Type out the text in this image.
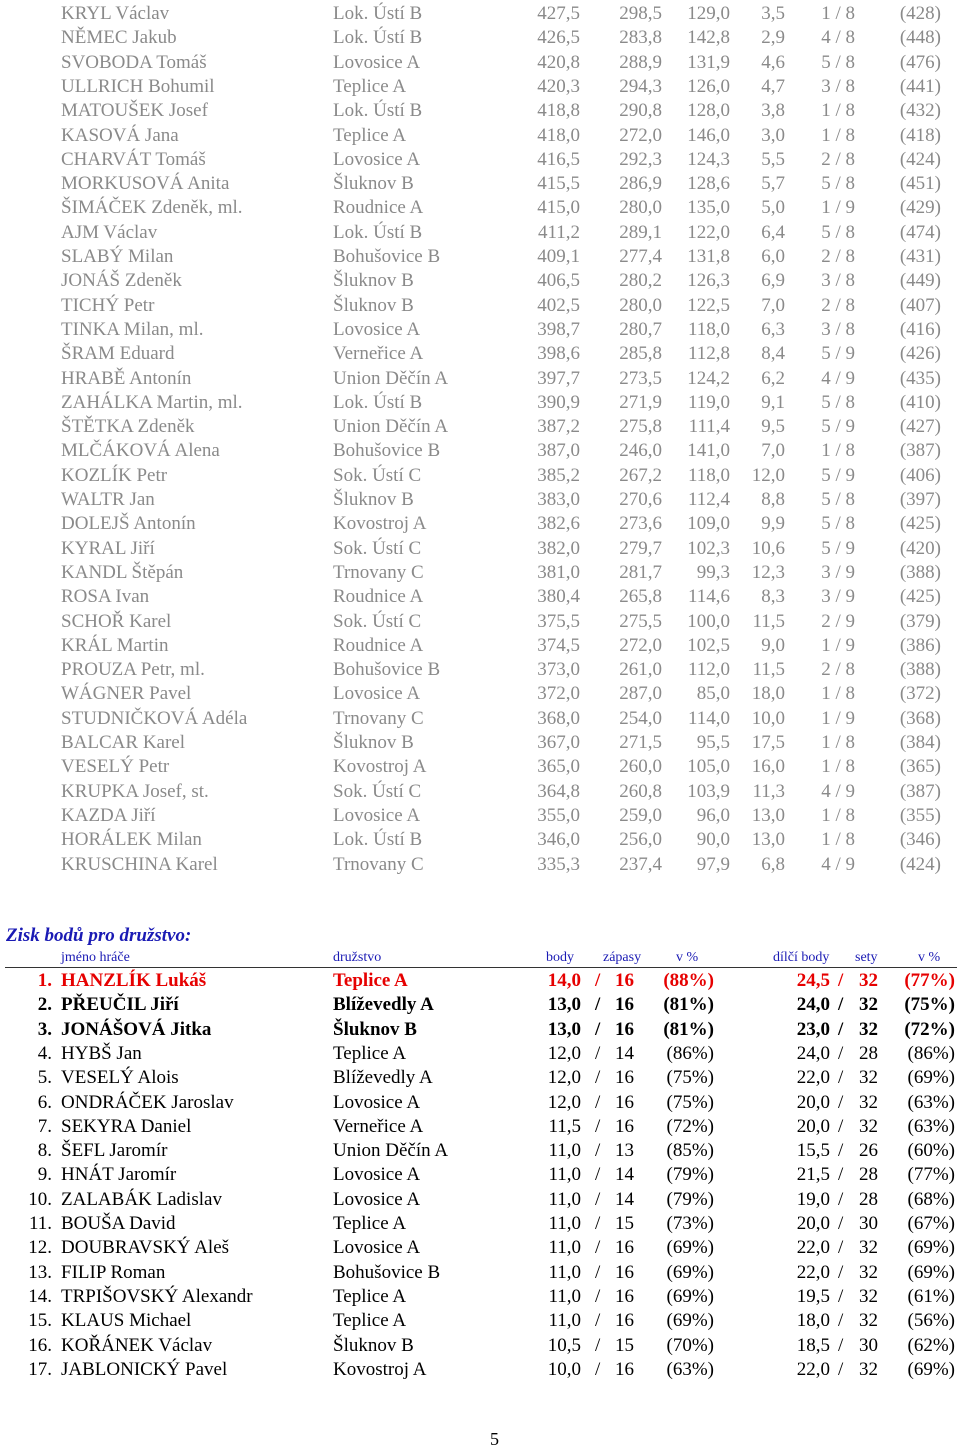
KRYL Václav	Lok. Ústí B	427,5 298,5 129,0 3,5 1 / 8 (428)
NĚMEC Jakub	Lok. Ústí B	426,5 283,8 142,8 2,9 4 / 8 (448)
SVOBODA Tomáš	Lovosice A	420,8 288,9 131,9 4,6 5 / 8 (476)
ULLRICH Bohumil	Teplice A	420,3 294,3 126,0 4,7 3 / 8 (441)
MATOUŠEK Josef	Lok. Ústí B	418,8 290,8 128,0 3,8 1 / 8 (432)
KASOVÁ Jana	Teplice A	418,0 272,0 146,0 3,0 1 / 8 (418)
CHARVÁT Tomáš	Lovosice A	416,5 292,3 124,3 5,5 2 / 8 (424)
MORKUSOVÁ Anita	Šluknov B	415,5 286,9 128,6 5,7 5 / 8 (451)
ŠIMÁČEK Zdeněk, ml.	Roudnice A	415,0 280,0 135,0 5,0 1 / 9 (429)
AJM Václav	Lok. Ústí B	411,2 289,1 122,0 6,4 5 / 8 (474)
SLABÝ Milan	Bohušovice B	409,1 277,4 131,8 6,0 2 / 8 (431)
JONÁŠ Zdeněk	Šluknov B	406,5 280,2 126,3 6,9 3 / 8 (449)
TICHÝ Petr	Šluknov B	402,5 280,0 122,5 7,0 2 / 8 (407)
TINKA Milan, ml.	Lovosice A	398,7 280,7 118,0 6,3 3 / 8 (416)
ŠRAM Eduard	Verneřice A	398,6 285,8 112,8 8,4 5 / 9 (426)
HRABĚ Antonín	Union Děčín A	397,7 273,5 124,2 6,2 4 / 9 (435)
ZAHÁLKA Martin, ml.	Lok. Ústí B	390,9 271,9 119,0 9,1 5 / 8 (410)
ŠTĚTKA Zdeněk	Union Děčín A	387,2 275,8 111,4 9,5 5 / 9 (427)
MLČÁKOVÁ Alena	Bohušovice B	387,0 246,0 141,0 7,0 1 / 8 (387)
KOZLÍK Petr	Sok. Ústí C	385,2 267,2 118,0 12,0 5 / 9 (406)
WALTR Jan	Šluknov B	383,0 270,6 112,4 8,8 5 / 8 (397)
DOLEJŠ Antonín	Kovostroj A	382,6 273,6 109,0 9,9 5 / 8 (425)
KYRAL Jiří	Sok. Ústí C	382,0 279,7 102,3 10,6 5 / 9 (420)
KANDL Štěpán	Trnovany C	381,0 281,7 99,3 12,3 3 / 9 (388)
ROSA Ivan	Roudnice A	380,4 265,8 114,6 8,3 3 / 9 (425)
SCHOŘ Karel	Sok. Ústí C	375,5 275,5 100,0 11,5 2 / 9 (379)
KRÁL Martin	Roudnice A	374,5 272,0 102,5 9,0 1 / 9 (386)
PROUZA Petr, ml.	Bohušovice B	373,0 261,0 112,0 11,5 2 / 8 (388)
WÁGNER Pavel	Lovosice A	372,0 287,0 85,0 18,0 1 / 8 (372)
STUDNIČKOVÁ Adéla	Trnovany C	368,0 254,0 114,0 10,0 1 / 9 (368)
BALCAR Karel	Šluknov B	367,0 271,5 95,5 17,5 1 / 8 (384)
VESELÝ Petr	Kovostroj A	365,0 260,0 105,0 16,0 1 / 8 (365)
KRUPKA Josef, st.	Sok. Ústí C	364,8 260,8 103,9 11,3 4 / 9 (387)
KAZDA Jiří	Lovosice A	355,0 259,0 96,0 13,0 1 / 8 (355)
HORÁLEK Milan	Lok. Ústí B	346,0 256,0 90,0 13,0 1 / 8 (346)
KRUSCHINA Karel	Trnovany C	335,3 237,4 97,9 6,8 4 / 9 (424)
Zisk bodů pro družstvo:
jméno hráče	družstvo	body zápasy v %	dílčí body sety	v %
1. HANZLÍK Lukáš	Teplice A	14,0 / 16 (88%)	24,5 / 32 (77%)
2. PŘEUČIL Jiří	Blíževedly A	13,0 / 16 (81%)	24,0 / 32 (75%)
3. JONÁŠOVÁ Jitka	Šluknov B	13,0 / 16 (81%)	23,0 / 32 (72%)
4. HYBŠ Jan	Teplice A	12,0 / 14 (86%)	24,0 / 28 (86%)
5. VESELÝ Alois	Blíževedly A	12,0 / 16 (75%)	22,0 / 32 (69%)
6. ONDRÁČEK Jaroslav	Lovosice A	12,0 / 16 (75%)	20,0 / 32 (63%)
7. SEKYRA Daniel	Verneřice A	11,5 / 16 (72%)	20,0 / 32 (63%)
8. ŠEFL Jaromír	Union Děčín A	11,0 / 13 (85%)	15,5 / 26 (60%)
9. HNÁT Jaromír	Lovosice A	11,0 / 14 (79%)	21,5 / 28 (77%)
10. ZALABÁK Ladislav	Lovosice A	11,0 / 14 (79%)	19,0 / 28 (68%)
11. BOUŠA David	Teplice A	11,0 / 15 (73%)	20,0 / 30 (67%)
12. DOUBRAVSKÝ Aleš	Lovosice A	11,0 / 16 (69%)	22,0 / 32 (69%)
13. FILIP Roman	Bohušovice B	11,0 / 16 (69%)	22,0 / 32 (69%)
14. TRPIŠOVSKÝ Alexandr	Teplice A	11,0 / 16 (69%)	19,5 / 32 (61%)
15. KLAUS Michael	Teplice A	11,0 / 16 (69%)	18,0 / 32 (56%)
16. KOŘÁNEK Václav	Šluknov B	10,5 / 15 (70%)	18,5 / 30 (62%)
17. JABLONICKÝ Pavel	Kovostroj A	10,0 / 16 (63%)	22,0 / 32 (69%)
5
